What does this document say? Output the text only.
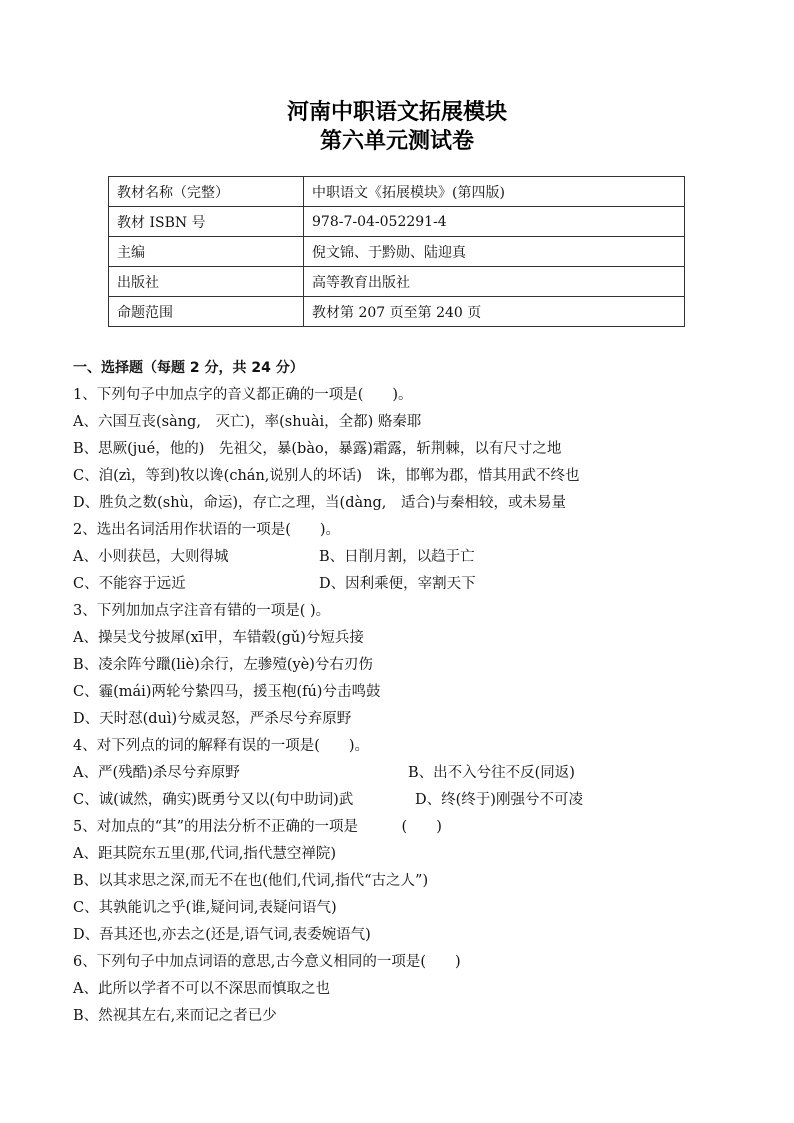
河南中职语文拓展模块
第六单元测试卷
教材名称（完整）	中职语文《拓展模块》(第四版)
教材 ISBN 号	978-7-04-052291-4
主编	倪文锦、于黔勋、陆迎真
出版社	高等教育出版社
命题范围	教材第 207 页至第 240 页
一、选择题（每题 2 分，共 24 分）
1、下列句子中加点字的音义都正确的一项是(　　)。
A、六国互丧(sàng,　灭亡)，率(shuài，全都) 赂秦耶
B、思厥(jué，他的)　先祖父，暴(bào，暴露)霜露，斩荆棘，以有尺寸之地
C、洎(zì，等到)牧以谗(chán,说别人的坏话)　诛，邯郸为郡，惜其用武不终也
D、胜负之数(shù，命运)，存亡之理，当(dàng,　适合)与秦相较，或未易量
2、选出名词活用作状语的一项是(　　)。
A、小则获邑，大则得城	B、日削月割，以趋于亡
C、不能容于远近	D、因利乘便，宰割天下
3、下列加加点字注音有错的一项是( )。
A、操吴戈兮披犀(xī甲，车错毂(gǔ)兮短兵接
B、凌余阵兮躐(liè)余行，左骖殪(yè)兮右刃伤
C、霾(mái)两轮兮絷四马，援玉枹(fú)兮击鸣鼓
D、天时怼(duì)兮威灵怒，严杀尽兮弃原野
4、对下列点的词的解释有误的一项是(　　)。
A、严(残酷)杀尽兮弃原野	B、出不入兮往不反(同返)
C、诚(诚然，确实)既勇兮又以(句中助词)武	D、终(终于)刚强兮不可凌
5、对加点的“其”的用法分析不正确的一项是　　　(　　)
A、距其院东五里(那,代词,指代慧空禅院)
B、以其求思之深,而无不在也(他们,代词,指代“古之人”)
C、其孰能讥之乎(谁,疑问词,表疑问语气)
D、吾其还也,亦去之(还是,语气词,表委婉语气)
6、下列句子中加点词语的意思,古今意义相同的一项是(　　)
A、此所以学者不可以不深思而慎取之也
B、然视其左右,来而记之者已少
